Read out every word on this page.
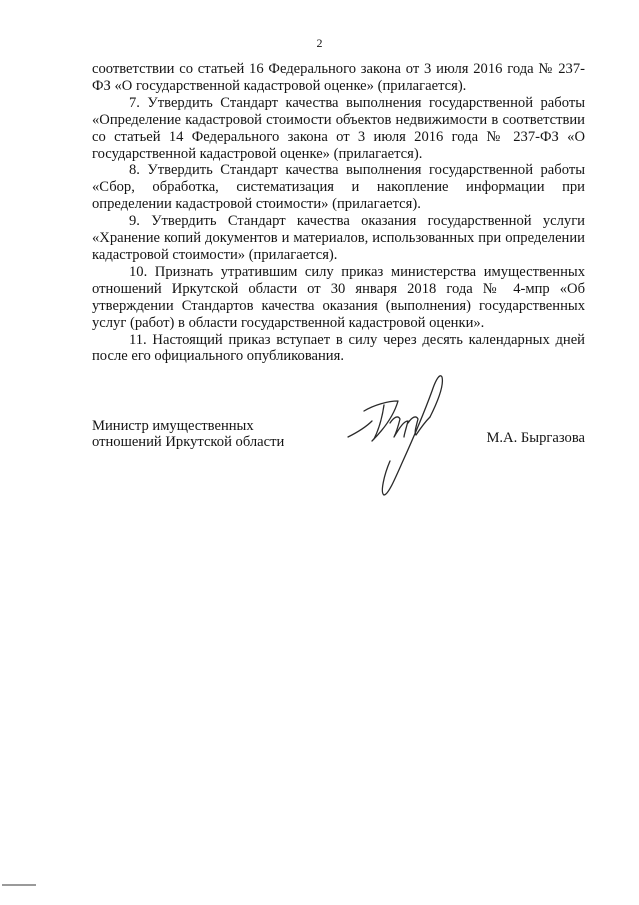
2

соответствии со статьей 16 Федерального закона от 3 июля 2016 года № 237-ФЗ «О государственной кадастровой оценке» (прилагается).

7. Утвердить Стандарт качества выполнения государственной работы «Определение кадастровой стоимости объектов недвижимости в соответствии со статьей 14 Федерального закона от 3 июля 2016 года № 237-ФЗ «О государственной кадастровой оценке» (прилагается).

8. Утвердить Стандарт качества выполнения государственной работы «Сбор, обработка, систематизация и накопление информации при определении кадастровой стоимости» (прилагается).

9. Утвердить Стандарт качества оказания государственной услуги «Хранение копий документов и материалов, использованных при определении кадастровой стоимости» (прилагается).

10. Признать утратившим силу приказ министерства имущественных отношений Иркутской области от 30 января 2018 года № 4-мпр «Об утверждении Стандартов качества оказания (выполнения) государственных услуг (работ) в области государственной кадастровой оценки».

11. Настоящий приказ вступает в силу через десять календарных дней после его официального опубликования.

Министр имущественных
отношений Иркутской области	М.А. Быргазова
